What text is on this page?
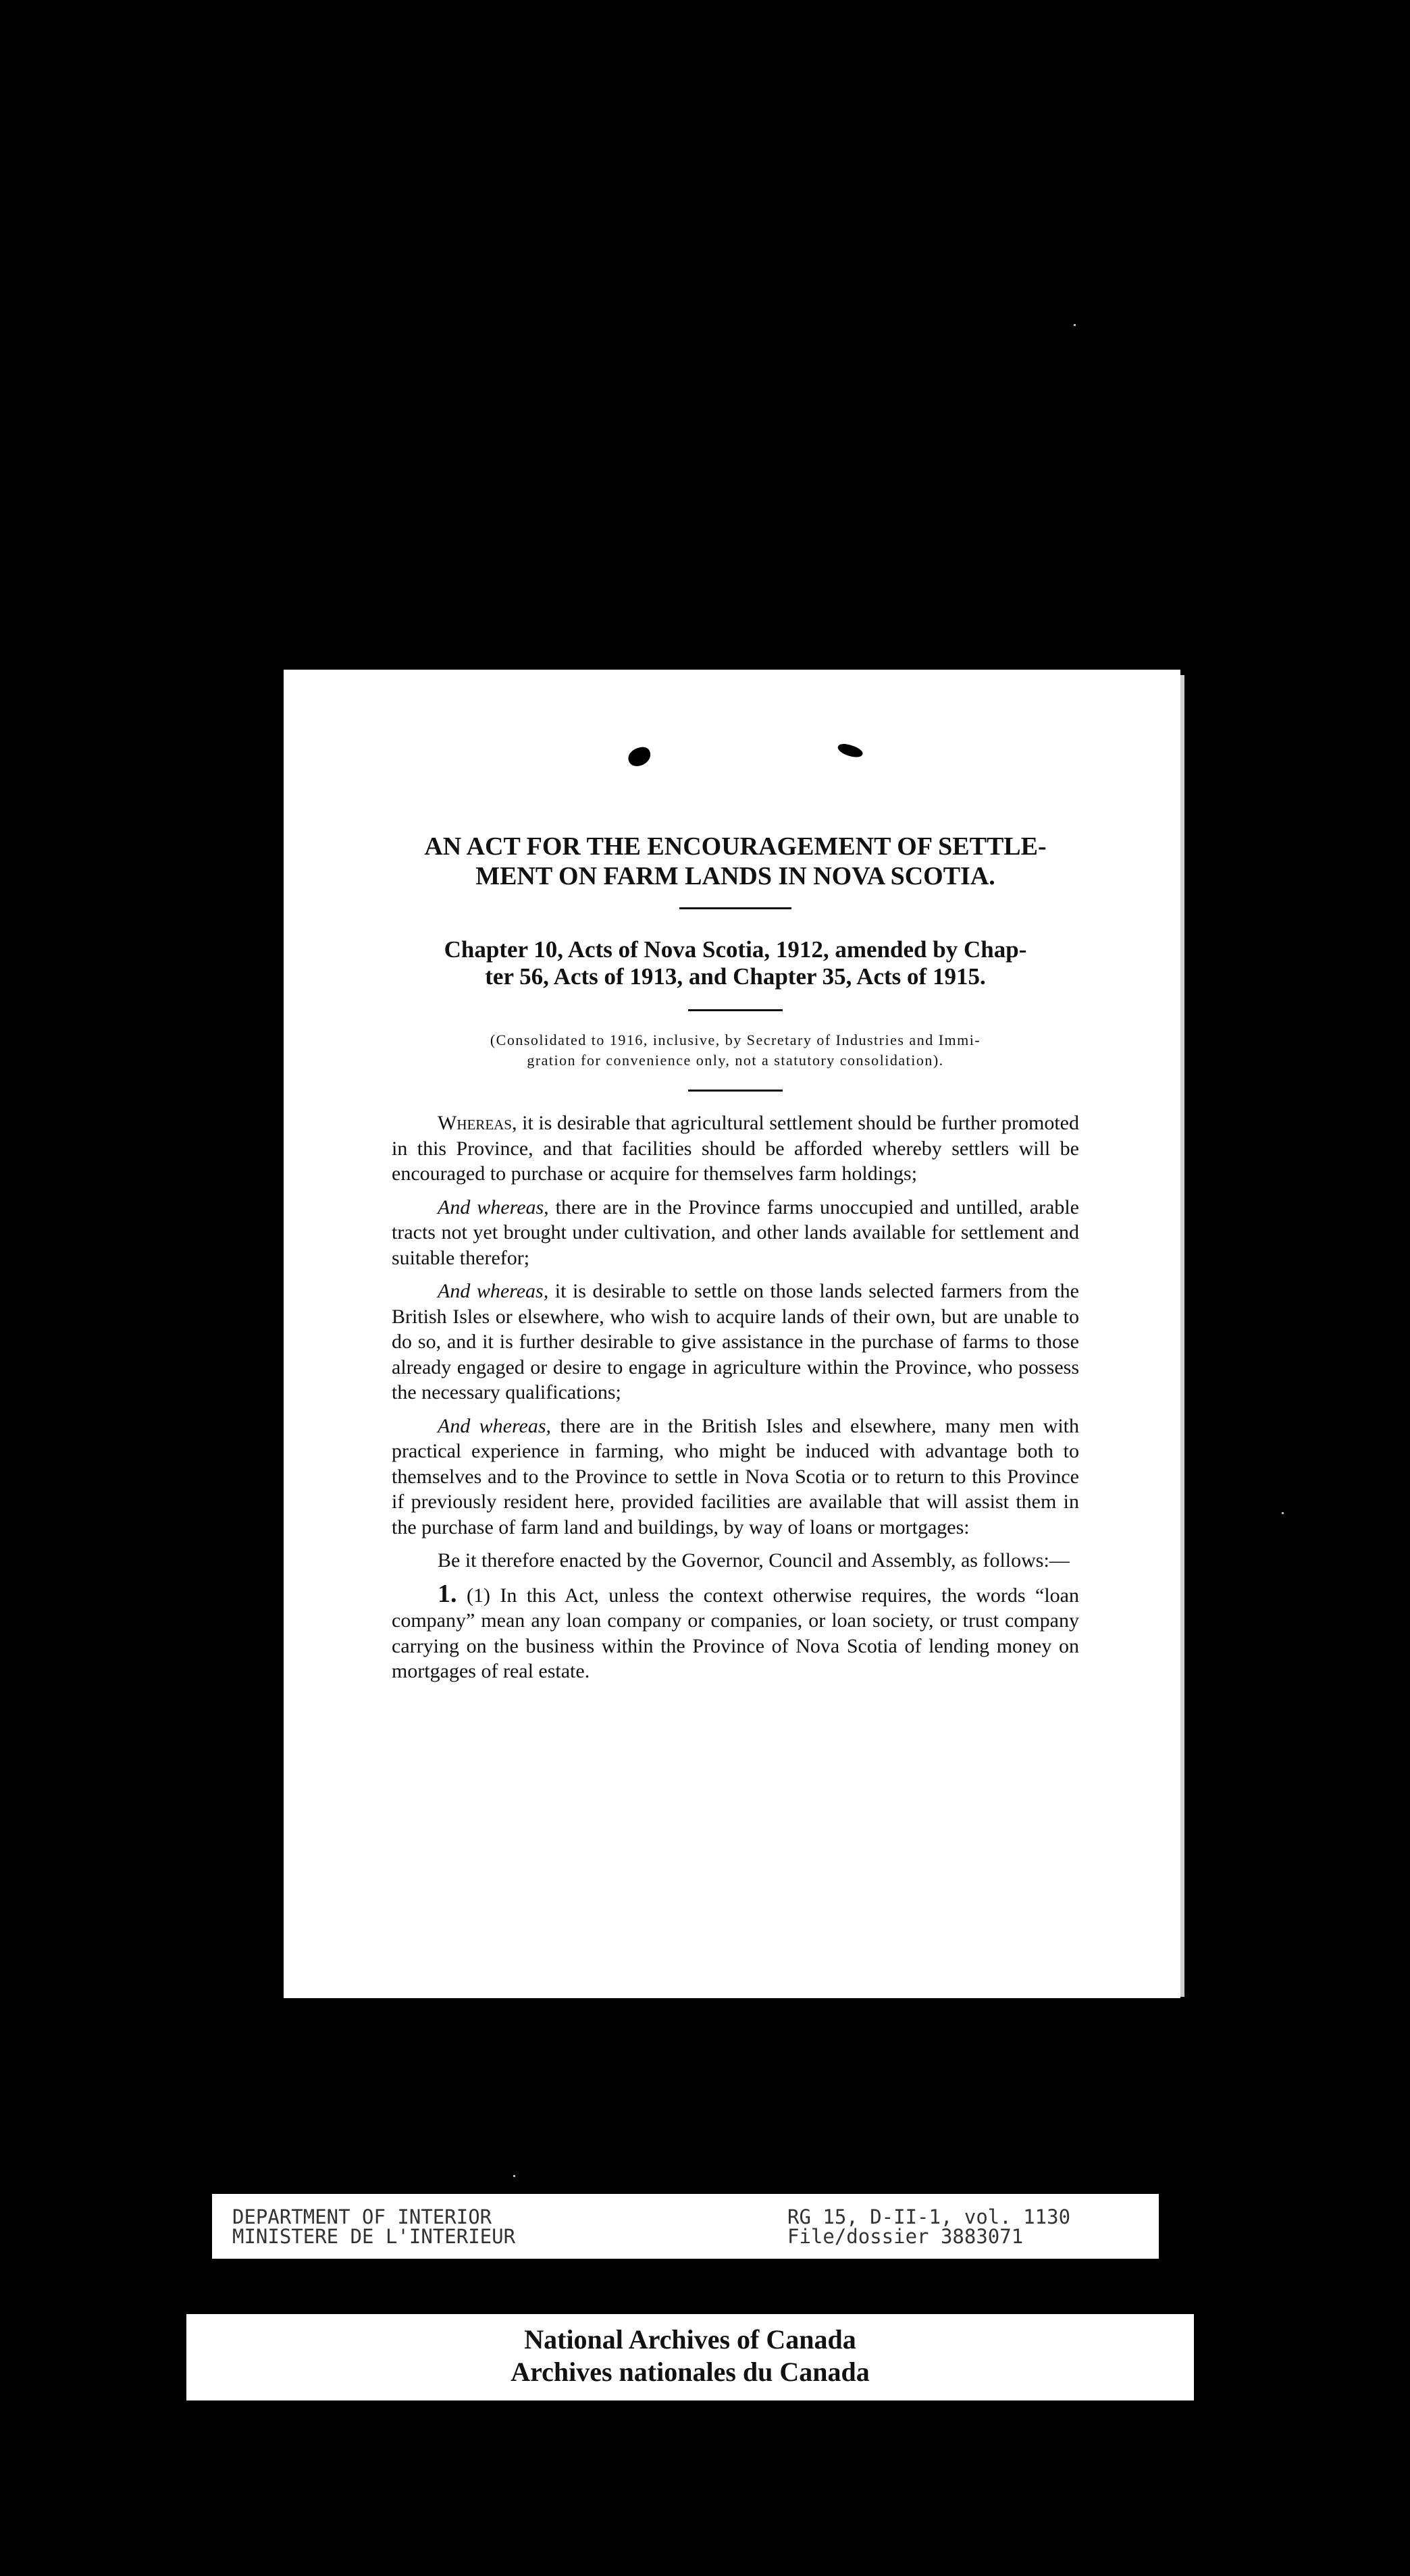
AN ACT FOR THE ENCOURAGEMENT OF SETTLE-
MENT ON FARM LANDS IN NOVA SCOTIA.
Chapter 10, Acts of Nova Scotia, 1912, amended by Chap-
ter 56, Acts of 1913, and Chapter 35, Acts of 1915.

(Consolidated to 1916, inclusive, by Secretary of Industries and Immi-
gration for convenience only, not a statutory consolidation).

Whereas, it is desirable that agricultural settlement should be further promoted in this Province, and that facilities should be afforded whereby settlers will be encouraged to purchase or acquire for themselves farm holdings;

And whereas, there are in the Province farms unoccupied and untilled, arable tracts not yet brought under cultivation, and other lands available for settlement and suitable therefor;

And whereas, it is desirable to settle on those lands selected farmers from the British Isles or elsewhere, who wish to acquire lands of their own, but are unable to do so, and it is further desirable to give assistance in the purchase of farms to those already engaged or desire to engage in agriculture within the Province, who possess the necessary qualifications;

And whereas, there are in the British Isles and elsewhere, many men with practical experience in farming, who might be induced with advantage both to themselves and to the Province to settle in Nova Scotia or to return to this Province if previously resident here, provided facilities are available that will assist them in the purchase of farm land and buildings, by way of loans or mortgages:

Be it therefore enacted by the Governor, Council and Assembly, as follows:—

1. (1) In this Act, unless the context otherwise requires, the words “loan company” mean any loan company or companies, or loan society, or trust company carrying on the business within the Province of Nova Scotia of lending money on mortgages of real estate.

DEPARTMENT OF INTERIOR
MINISTERE DE L'INTERIEUR
RG 15, D-II-1, vol. 1130
File/dossier 3883071
National Archives of Canada
Archives nationales du Canada
